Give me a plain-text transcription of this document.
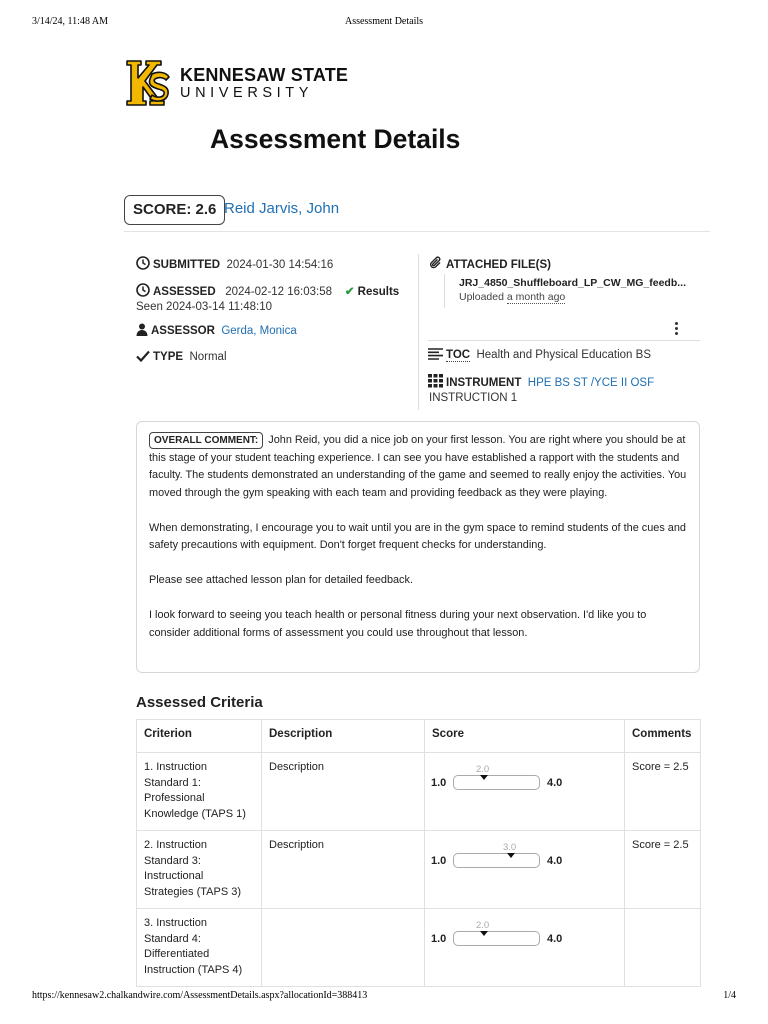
3/14/24, 11:48 AM	Assessment Details
KENNESAW STATE
UNIVERSITY
Assessment Details
SCORE: 2.6 Reid Jarvis, John
SUBMITTED 2024-01-30 14:54:16
ASSESSED 2024-02-12 16:03:58 ✔ Results
Seen 2024-03-14 11:48:10
ASSESSOR Gerda, Monica
TYPE Normal
ATTACHED FILE(S)
JRJ_4850_Shuffleboard_LP_CW_MG_feedb...
Uploaded a month ago
TOC Health and Physical Education BS
INSTRUMENT HPE BS ST /YCE II OSF
INSTRUCTION 1

OVERALL COMMENT: John Reid, you did a nice job on your first lesson. You are right where you should be at this stage of your student teaching experience. I can see you have established a rapport with the students and faculty. The students demonstrated an understanding of the game and seemed to really enjoy the activities. You moved through the gym speaking with each team and providing feedback as they were playing.

When demonstrating, I encourage you to wait until you are in the gym space to remind students of the cues and safety precautions with equipment. Don't forget frequent checks for understanding.

Please see attached lesson plan for detailed feedback.

I look forward to seeing you teach health or personal fitness during your next observation. I'd like you to consider additional forms of assessment you could use throughout that lesson.

Assessed Criteria
Criterion	Description	Score	Comments
1. Instruction Standard 1: Professional Knowledge (TAPS 1)	Description	1.0
2.0
4.0	Score = 2.5
2. Instruction Standard 3: Instructional Strategies (TAPS 3)	Description	1.0
3.0
4.0	Score = 2.5
3. Instruction Standard 4: Differentiated Instruction (TAPS 4)		1.0
2.0
4.0	

https://kennesaw2.chalkandwire.com/AssessmentDetails.aspx?allocationId=388413	1/4
